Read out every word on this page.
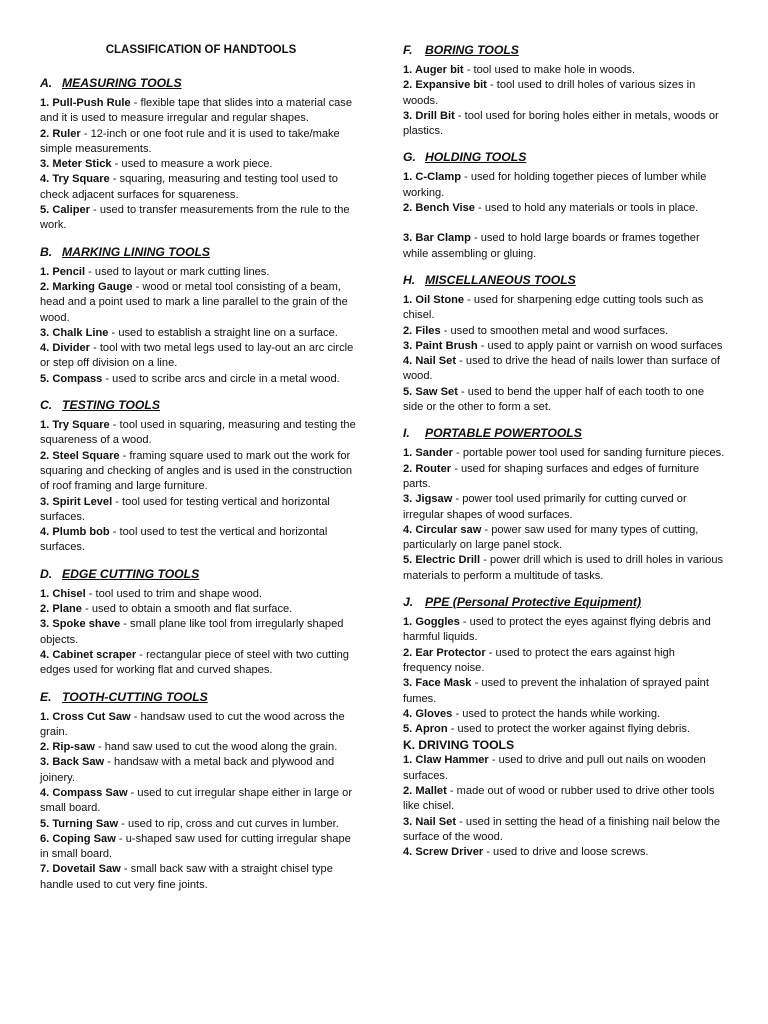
CLASSIFICATION OF HANDTOOLS
A. MEASURING TOOLS

1. Pull-Push Rule - flexible tape that slides into a material case and it is used to measure irregular and regular shapes.

2. Ruler - 12-inch or one foot rule and it is used to take/make simple measurements.

3. Meter Stick - used to measure a work piece.

4. Try Square - squaring, measuring and testing tool used to check adjacent surfaces for squareness.

5. Caliper - used to transfer measurements from the rule to the work.

B. MARKING LINING TOOLS

1. Pencil - used to layout or mark cutting lines.

2. Marking Gauge - wood or metal tool consisting of a beam, head and a point used to mark a line parallel to the grain of the wood.

3. Chalk Line - used to establish a straight line on a surface.

4. Divider - tool with two metal legs used to lay-out an arc circle or step off division on a line.

5. Compass - used to scribe arcs and circle in a metal wood.

C. TESTING TOOLS

1. Try Square - tool used in squaring, measuring and testing the squareness of a wood.

2. Steel Square - framing square used to mark out the work for squaring and checking of angles and is used in the construction of roof framing and large furniture.

3. Spirit Level - tool used for testing vertical and horizontal surfaces.

4. Plumb bob - tool used to test the vertical and horizontal surfaces.

D. EDGE CUTTING TOOLS

1. Chisel - tool used to trim and shape wood.

2. Plane - used to obtain a smooth and flat surface.

3. Spoke shave - small plane like tool from irregularly shaped objects.

4. Cabinet scraper - rectangular piece of steel with two cutting edges used for working flat and curved shapes.

E. TOOTH-CUTTING TOOLS

1. Cross Cut Saw - handsaw used to cut the wood across the grain.

2. Rip-saw - hand saw used to cut the wood along the grain.

3. Back Saw - handsaw with a metal back and plywood and joinery.

4. Compass Saw - used to cut irregular shape either in large or small board.

5. Turning Saw - used to rip, cross and cut curves in lumber.

6. Coping Saw - u-shaped saw used for cutting irregular shape in small board.

7. Dovetail Saw - small back saw with a straight chisel type handle used to cut very fine joints.

F.	BORING TOOLS

1. Auger bit - tool used to make hole in woods.

2. Expansive bit - tool used to drill holes of various sizes in woods.

3. Drill Bit - tool used for boring holes either in metals, woods or plastics.

G. HOLDING TOOLS

1. C-Clamp - used for holding together pieces of lumber while working.

2. Bench Vise - used to hold any materials or tools in place.

3. Bar Clamp - used to hold large boards or frames together while assembling or gluing.

H. MISCELLANEOUS TOOLS

1. Oil Stone - used for sharpening edge cutting tools such as chisel.

2. Files - used to smoothen metal and wood surfaces.

3. Paint Brush - used to apply paint or varnish on wood surfaces

4. Nail Set - used to drive the head of nails lower than surface of wood.

5. Saw Set - used to bend the upper half of each tooth to one side or the other to form a set.

I.	PORTABLE POWERTOOLS

1. Sander - portable power tool used for sanding furniture pieces.

2. Router - used for shaping surfaces and edges of furniture parts.

3. Jigsaw - power tool used primarily for cutting curved or irregular shapes of wood surfaces.

4. Circular saw - power saw used for many types of cutting, particularly on large panel stock.

5. Electric Drill - power drill which is used to drill holes in various materials to perform a multitude of tasks.

J. PPE (Personal Protective Equipment)

1. Goggles - used to protect the eyes against flying debris and harmful liquids.

2. Ear Protector - used to protect the ears against high frequency noise.

3. Face Mask - used to prevent the inhalation of sprayed paint fumes.

4. Gloves - used to protect the hands while working.

5. Apron - used to protect the worker against flying debris.

K. DRIVING TOOLS

1. Claw Hammer - used to drive and pull out nails on wooden surfaces.

2. Mallet - made out of wood or rubber used to drive other tools like chisel.

3. Nail Set - used in setting the head of a finishing nail below the surface of the wood.

4. Screw Driver - used to drive and loose screws.
